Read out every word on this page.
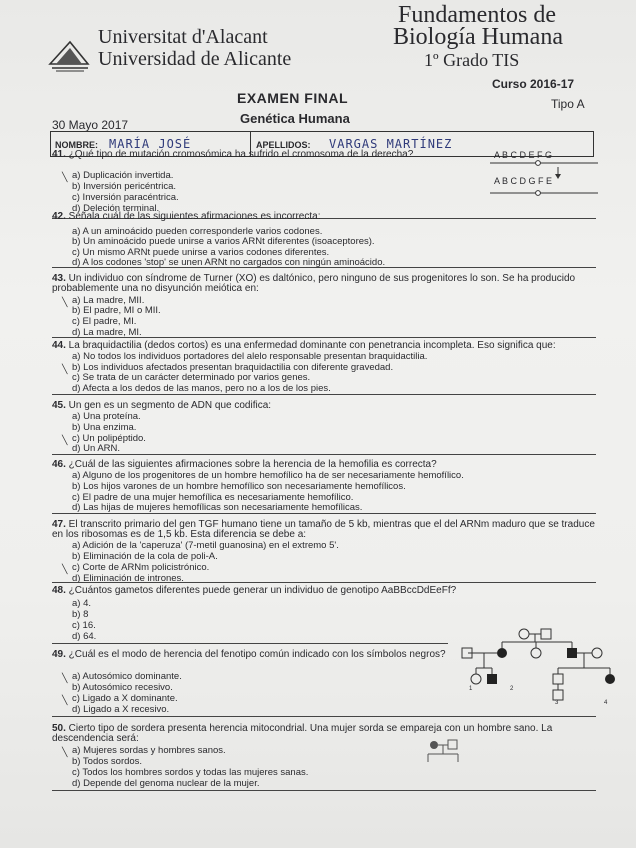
Universitat d'Alacant
Universidad de Alicante
Fundamentos de
Biología Humana
1º Grado TIS
Curso 2016-17
Tipo A
EXAMEN FINAL
30 Mayo 2017	Genética Humana
NOMBRE: MARÍA JOSÉ	APELLIDOS: VARGAS MARTÍNEZ
A B C D E F G
A B C D G F E
1	2
3	4
41. ¿Qué tipo de mutación cromosómica ha sufrido el cromosoma de la derecha?
a) Duplicación invertida.
╲
b) Inversión pericéntrica.
c) Inversión paracéntrica.
d) Deleción terminal.
42. Señala cuál de las siguientes afirmaciones es incorrecta:
a) A un aminoácido pueden corresponderle varios codones.
b) Un aminoácido puede unirse a varios ARNt diferentes (isoaceptores).
c) Un mismo ARNt puede unirse a varios codones diferentes.
d) A los codones 'stop' se unen ARNt no cargados con ningún aminoácido.
43. Un individuo con síndrome de Turner (XO) es daltónico, pero ninguno de sus progenitores lo son. Se ha producido probablemente una no disyunción meiótica en:
a) La madre, MII.
╲
b) El padre, MI o MII.
c) El padre, MI.
d) La madre, MI.
44. La braquidactilia (dedos cortos) es una enfermedad dominante con penetrancia incompleta. Eso significa que:
a) No todos los individuos portadores del alelo responsable presentan braquidactilia.
b) Los individuos afectados presentan braquidactilia con diferente gravedad.
╲
c) Se trata de un carácter determinado por varios genes.
d) Afecta a los dedos de las manos, pero no a los de los pies.
45. Un gen es un segmento de ADN que codifica:
a) Una proteína.
b) Una enzima.
c) Un polipéptido.
╲
d) Un ARN.
46. ¿Cuál de las siguientes afirmaciones sobre la herencia de la hemofilia es correcta?
a) Alguno de los progenitores de un hombre hemofílico ha de ser necesariamente hemofílico.
b) Los hijos varones de un hombre hemofílico son necesariamente hemofílicos.
c) El padre de una mujer hemofílica es necesariamente hemofílico.
d) Las hijas de mujeres hemofílicas son necesariamente hemofílicas.
47. El transcrito primario del gen TGF humano tiene un tamaño de 5 kb, mientras que el del ARNm maduro que se traduce en los ribosomas es de 1,5 kb. Esta diferencia se debe a:
a) Adición de la 'caperuza' (7-metil guanosina) en el extremo 5'.
b) Eliminación de la cola de poli-A.
c) Corte de ARNm policistrónico.
╲
d) Eliminación de intrones.
48. ¿Cuántos gametos diferentes puede generar un individuo de genotipo AaBBccDdEeFf?
a) 4.
b) 8
c) 16.
d) 64.
49. ¿Cuál es el modo de herencia del fenotipo común indicado con los símbolos negros?
a) Autosómico dominante.
╲
b) Autosómico recesivo.
c) Ligado a X dominante.
╲
d) Ligado a X recesivo.
50. Cierto tipo de sordera presenta herencia mitocondrial. Una mujer sorda se empareja con un hombre sano. La descendencia será:
a) Mujeres sordas y hombres sanos.
╲
b) Todos sordos.
c) Todos los hombres sordos y todas las mujeres sanas.
d) Depende del genoma nuclear de la mujer.
